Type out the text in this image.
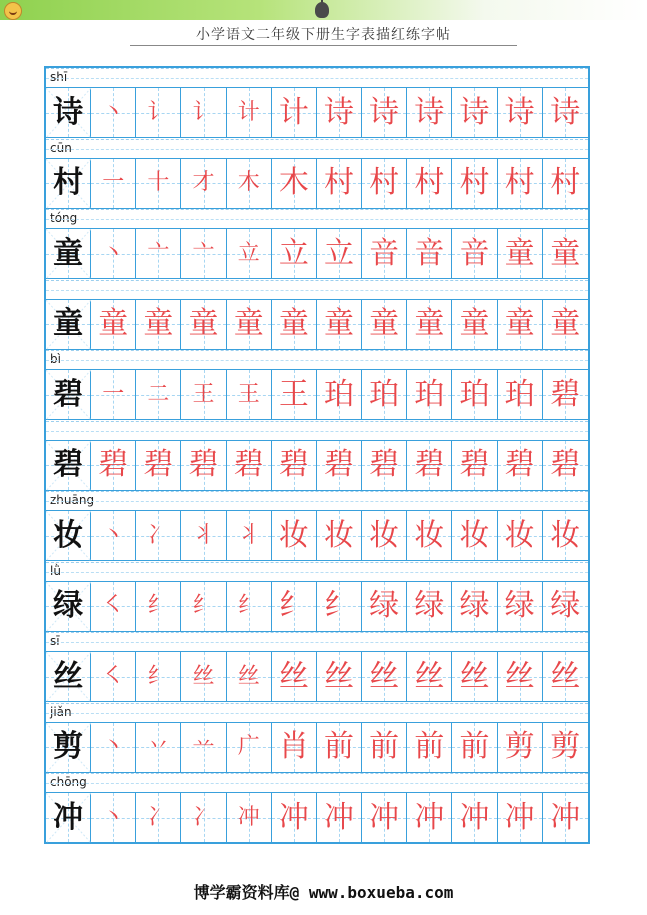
小学语文二年级下册生字表描红练字帖
shī
诗 丶 讠 讠 计 计 诗 诗 诗 诗 诗 诗
cūn
村 一 十 才 木 木 村 村 村 村 村 村
tóng
童 丶 亠 亠 立 立 立 音 音 音 童 童
童 童 童 童 童 童 童 童 童 童 童 童
bì
碧 一 二 王 王 王 珀 珀 珀 珀 珀 碧
碧 碧 碧 碧 碧 碧 碧 碧 碧 碧 碧 碧
zhuāng
妆 丶 冫 丬 丬 妆 妆 妆 妆 妆 妆 妆
lǜ
绿 ㇛ 纟 纟 纟 纟 纟 绿 绿 绿 绿 绿
sī
丝 ㇛ 纟 丝 丝 丝 丝 丝 丝 丝 丝 丝
jiǎn
剪 丶 丷 䒑 广 肖 前 前 前 前 剪 剪
chōng
冲 丶 冫 冫 冲 冲 冲 冲 冲 冲 冲 冲
博学霸资料库@ www.boxueba.com
